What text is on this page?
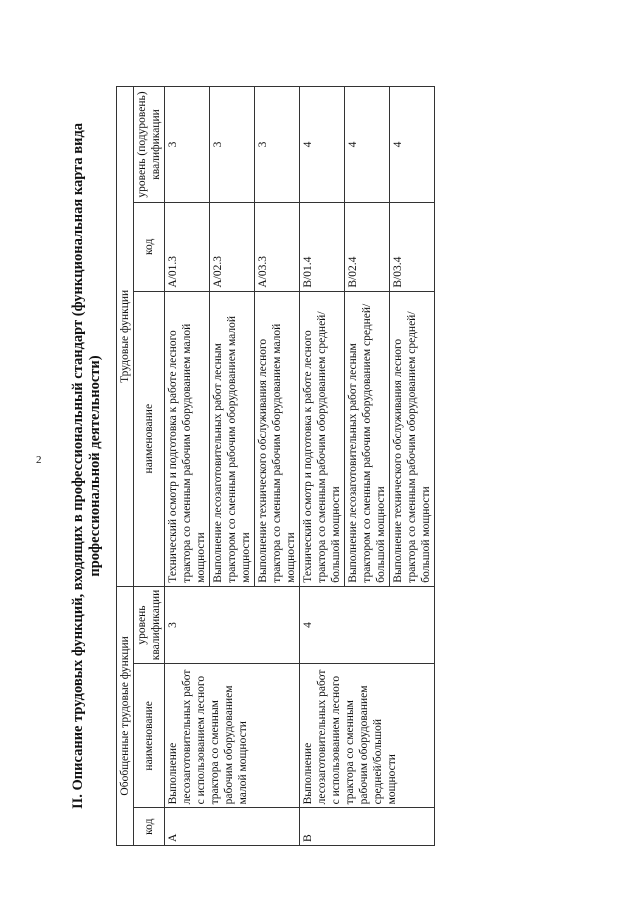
2 II. Описание трудовых функций, входящих в профессиональный стандарт (функциональная карта вида профессиональной деятельности)
Обобщенные трудовые функции			Трудовые функции		
код	наименование	уровень квалификации	наименование	код	уровень (подуровень) квалификации
A	Выполнение лесозаготовительных работ с использованием лесного трактора со сменным рабочим оборудованием малой мощности	3	Технический осмотр и подготовка к работе лесного трактора со сменным рабочим оборудованием малой мощности	A/01.3	3
			Выполнение лесозаготовительных работ лесным трактором со сменным рабочим оборудованием малой мощности	A/02.3	3
			Выполнение технического обслуживания лесного трактора со сменным рабочим оборудованием малой мощности	A/03.3	3
B	Выполнение лесозаготовительных работ с использованием лесного трактора со сменным рабочим оборудованием средней/большой мощности	4	Технический осмотр и подготовка к работе лесного трактора со сменным рабочим оборудованием средней/большой мощности	B/01.4	4
			Выполнение лесозаготовительных работ лесным трактором со сменным рабочим оборудованием средней/большой мощности	B/02.4	4
			Выполнение технического обслуживания лесного трактора со сменным рабочим оборудованием средней/большой мощности	B/03.4	4
